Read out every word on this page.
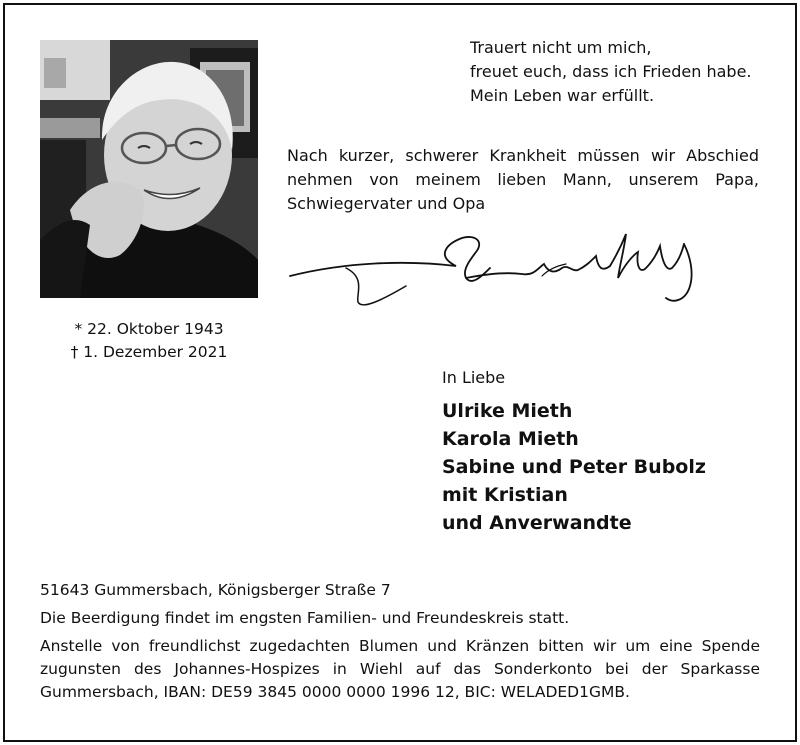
* 22. Oktober 1943
† 1. Dezember 2021
Trauert nicht um mich,
freuet euch, dass ich Frieden habe.
Mein Leben war erfüllt.
Nach kurzer, schwerer Krankheit müssen wir Abschied nehmen von meinem lieben Mann, unserem Papa, Schwiegervater und Opa
In Liebe
Ulrike Mieth
Karola Mieth
Sabine und Peter Bubolz
mit Kristian
und Anverwandte
51643 Gummersbach, Königsberger Straße 7
Die Beerdigung findet im engsten Familien- und Freundeskreis statt.
Anstelle von freundlichst zugedachten Blumen und Kränzen bitten wir um eine Spende zugunsten des Johannes-Hospizes in Wiehl auf das Sonderkonto bei der Sparkasse Gummersbach, IBAN: DE59 3845 0000 0000 1996 12, BIC: WELADED1GMB.
